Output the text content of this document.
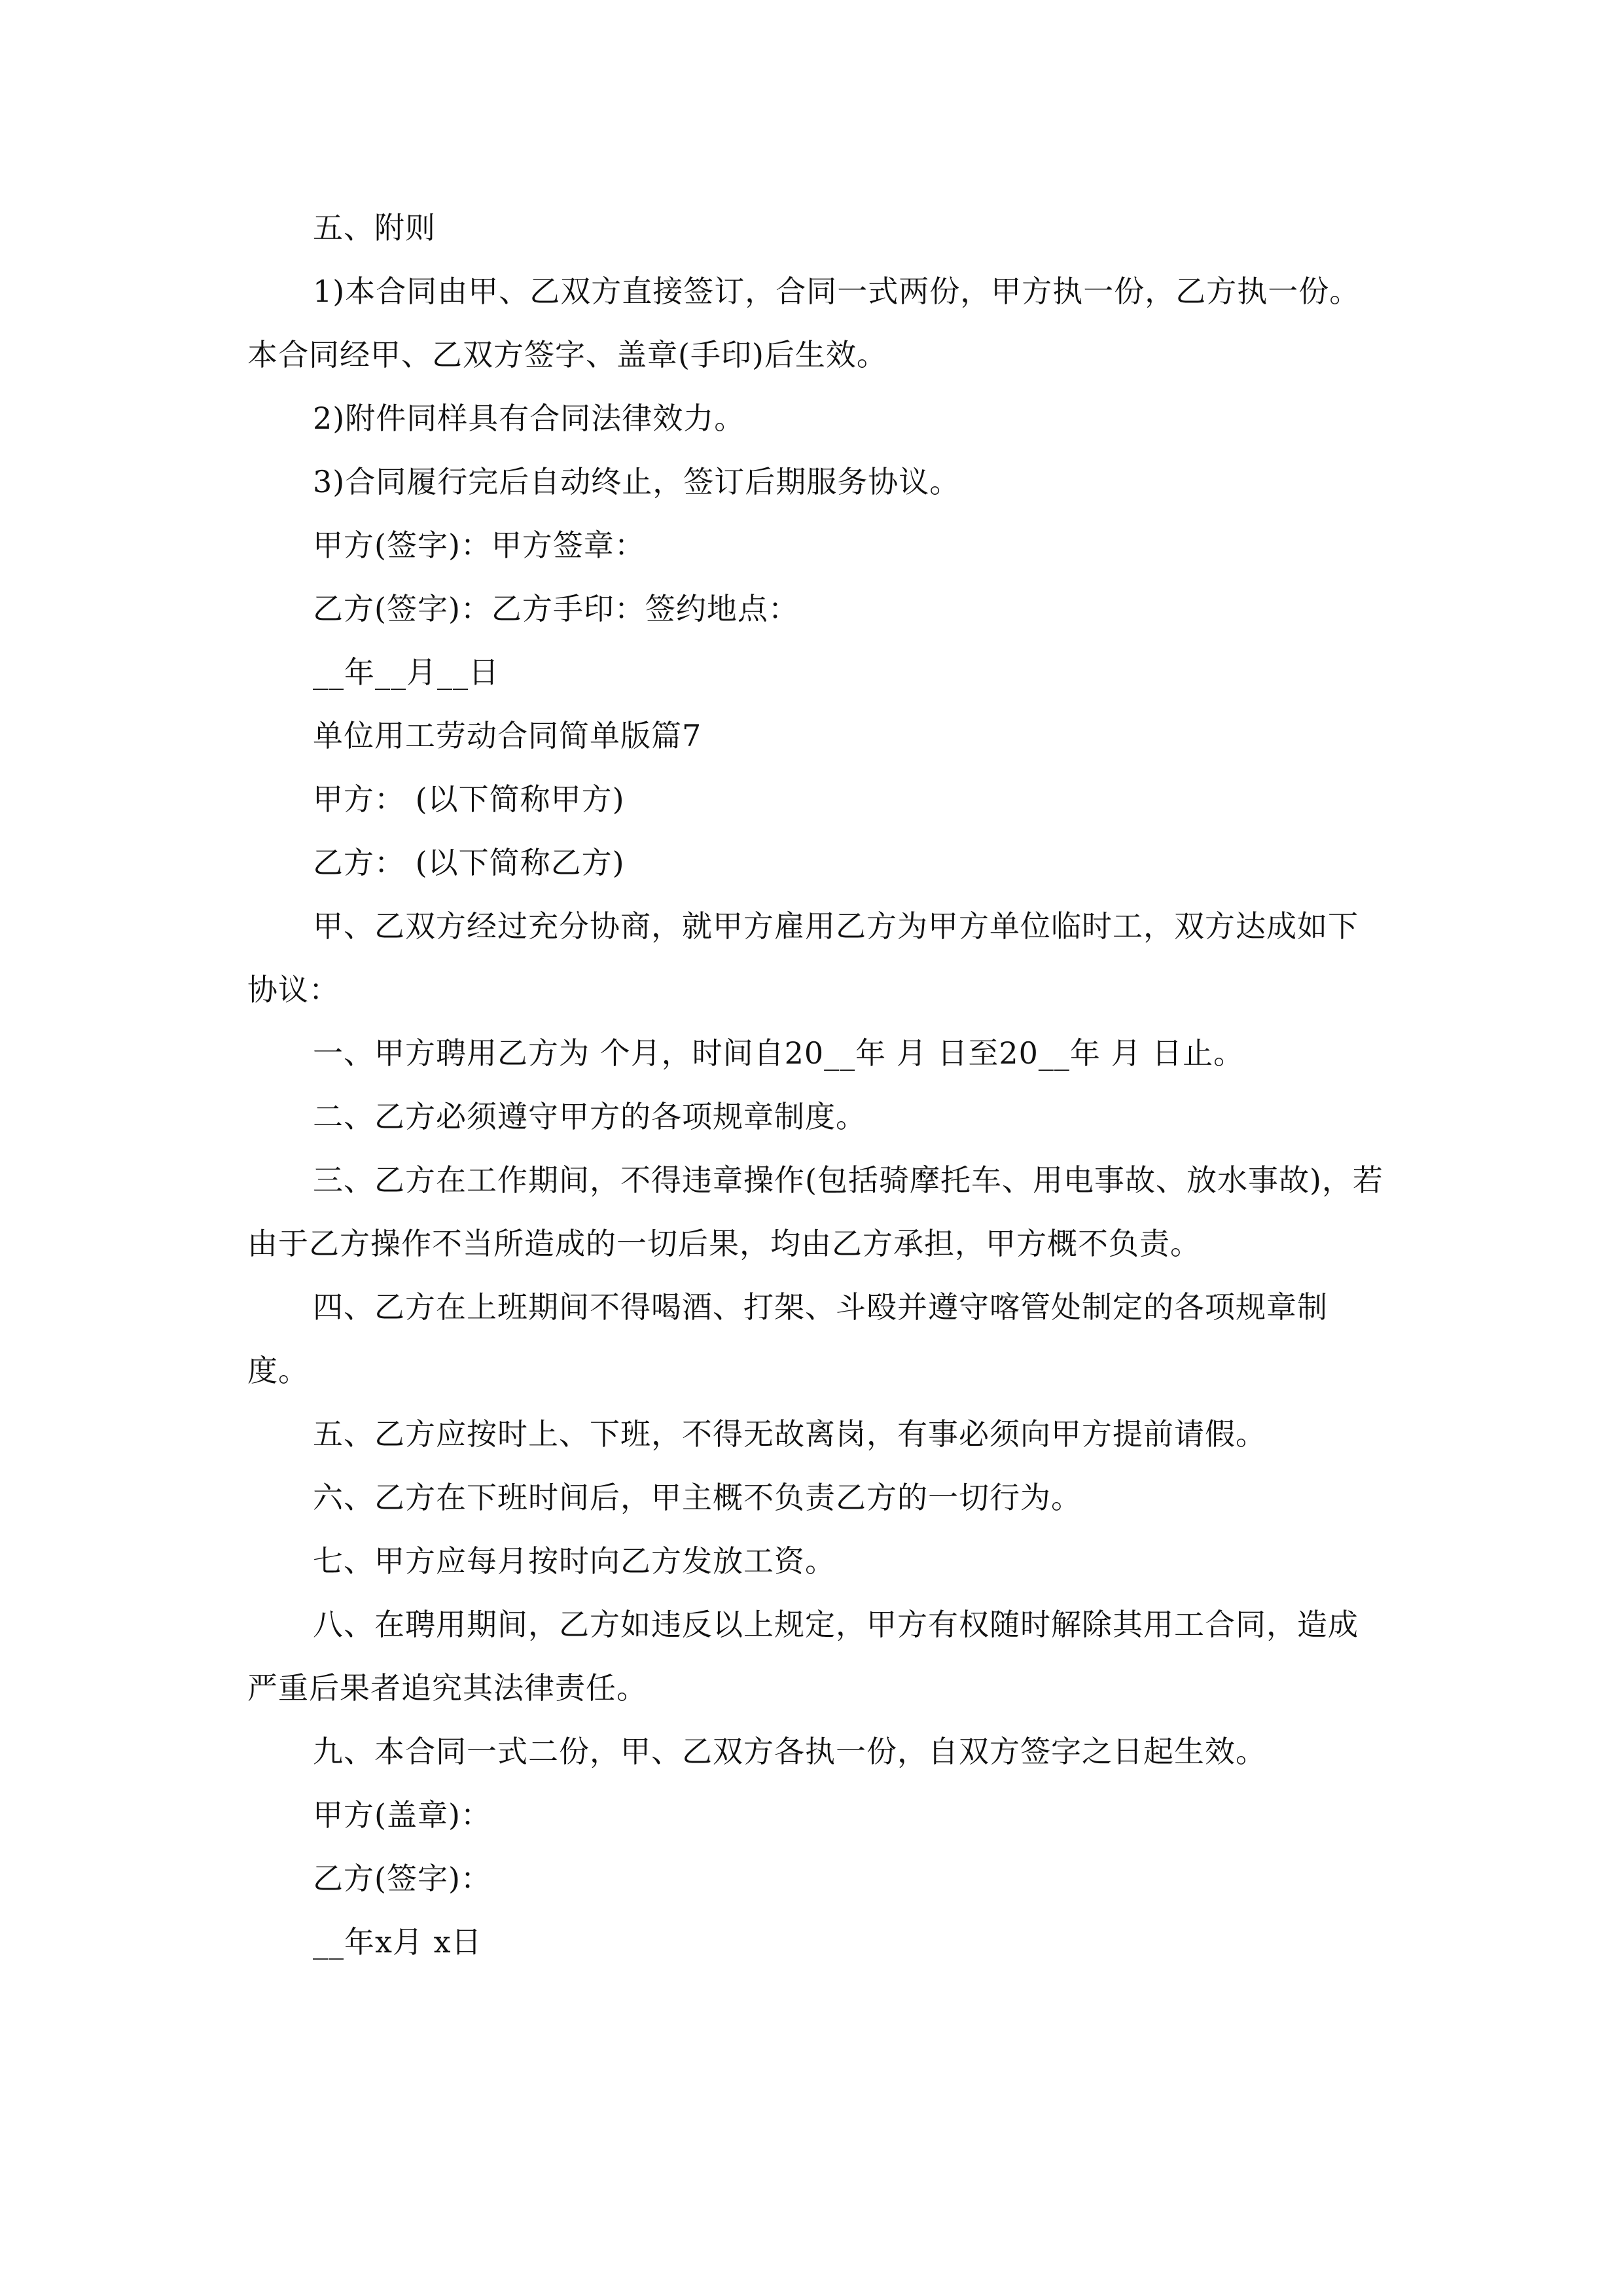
五、附则

1)本合同由甲、乙双方直接签订，合同一式两份，甲方执一份，乙方执一份。本合同经甲、乙双方签字、盖章(手印)后生效。

2)附件同样具有合同法律效力。

3)合同履行完后自动终止，签订后期服务协议。

甲方(签字)：甲方签章：

乙方(签字)：乙方手印：签约地点：

__年__月__日

单位用工劳动合同简单版篇7

甲方： (以下简称甲方)

乙方： (以下简称乙方)

甲、乙双方经过充分协商，就甲方雇用乙方为甲方单位临时工，双方达成如下协议：

一、甲方聘用乙方为 个月，时间自20__年 月 日至20__年 月 日止。

二、乙方必须遵守甲方的各项规章制度。

三、乙方在工作期间，不得违章操作(包括骑摩托车、用电事故、放水事故)，若由于乙方操作不当所造成的一切后果，均由乙方承担，甲方概不负责。

四、乙方在上班期间不得喝酒、打架、斗殴并遵守喀管处制定的各项规章制度。

五、乙方应按时上、下班，不得无故离岗，有事必须向甲方提前请假。

六、乙方在下班时间后，甲主概不负责乙方的一切行为。

七、甲方应每月按时向乙方发放工资。

八、在聘用期间，乙方如违反以上规定，甲方有权随时解除其用工合同，造成严重后果者追究其法律责任。

九、本合同一式二份，甲、乙双方各执一份，自双方签字之日起生效。

甲方(盖章)：

乙方(签字)：

__年x月 x日
